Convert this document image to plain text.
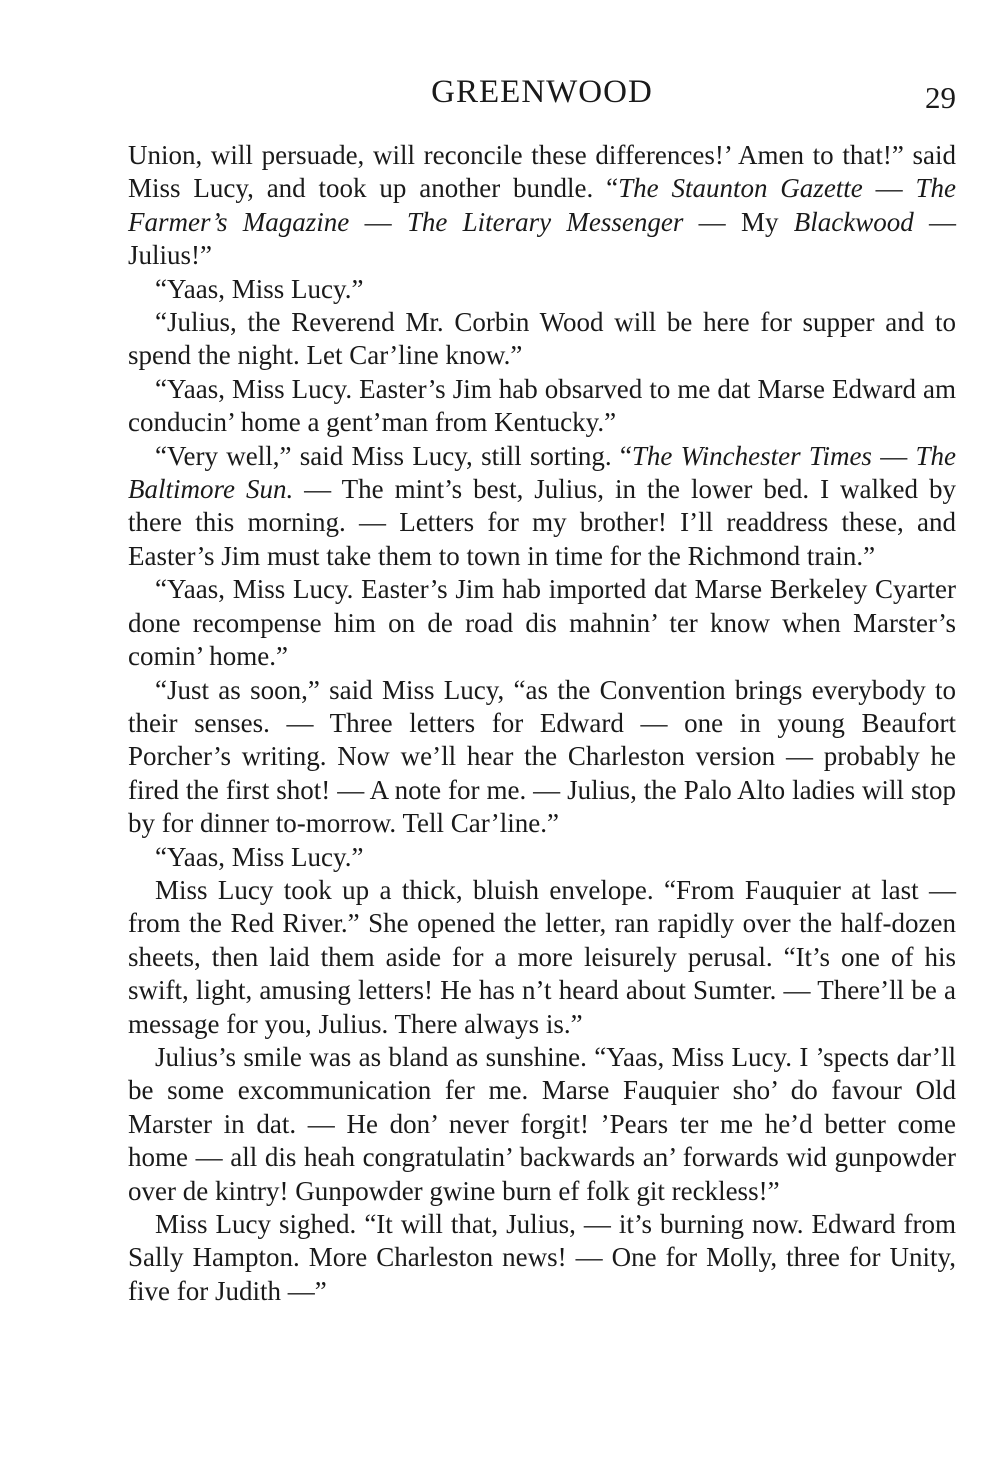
GREENWOOD	29

Union, will persuade, will reconcile these differences!’ Amen to that!” said Miss Lucy, and took up another bundle. “The Staunton Gazette — The Farmer’s Magazine — The Literary Messenger — My Blackwood — Julius!”

“Yaas, Miss Lucy.”

“Julius, the Reverend Mr. Corbin Wood will be here for supper and to spend the night. Let Car’line know.”

“Yaas, Miss Lucy. Easter’s Jim hab obsarved to me dat Marse Edward am conducin’ home a gent’man from Kentucky.”

“Very well,” said Miss Lucy, still sorting. “The Winchester Times — The Baltimore Sun. — The mint’s best, Julius, in the lower bed. I walked by there this morning. — Letters for my brother! I’ll readdress these, and Easter’s Jim must take them to town in time for the Richmond train.”

“Yaas, Miss Lucy. Easter’s Jim hab imported dat Marse Berkeley Cyarter done recompense him on de road dis mahnin’ ter know when Marster’s comin’ home.”

“Just as soon,” said Miss Lucy, “as the Convention brings everybody to their senses. — Three letters for Edward — one in young Beaufort Porcher’s writing. Now we’ll hear the Charleston version — probably he fired the first shot! — A note for me. — Julius, the Palo Alto ladies will stop by for dinner to-morrow. Tell Car’line.”

“Yaas, Miss Lucy.”

Miss Lucy took up a thick, bluish envelope. “From Fauquier at last — from the Red River.” She opened the letter, ran rapidly over the half-dozen sheets, then laid them aside for a more leisurely perusal. “It’s one of his swift, light, amusing letters! He has n’t heard about Sumter. — There’ll be a message for you, Julius. There always is.”

Julius’s smile was as bland as sunshine. “Yaas, Miss Lucy. I ’spects dar’ll be some excommunication fer me. Marse Fauquier sho’ do favour Old Marster in dat. — He don’ never forgit! ’Pears ter me he’d better come home — all dis heah congratulatin’ backwards an’ forwards wid gunpowder over de kintry! Gunpowder gwine burn ef folk git reckless!”

Miss Lucy sighed. “It will that, Julius, — it’s burning now. Edward from Sally Hampton. More Charleston news! — One for Molly, three for Unity, five for Judith —”
